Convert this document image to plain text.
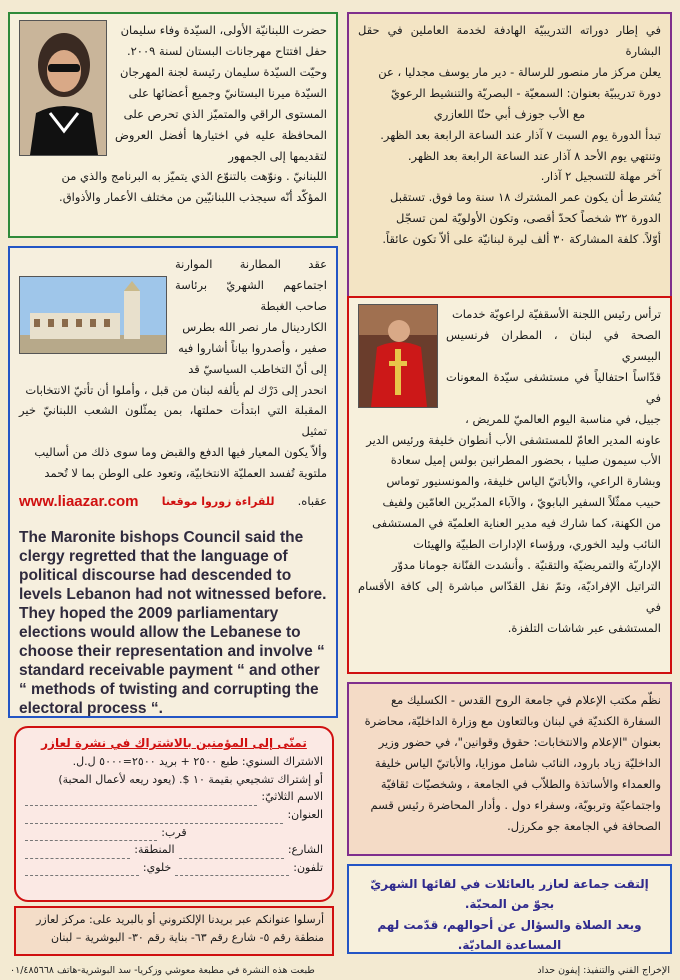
في إطار دوراته التدريبيّة الهادفة لخدمة العاملين في حقل البشارة

يعلن مركز مار منصور للرسالة - دير مار يوسف مجدليا ، عن

دورة تدريبيّة بعنوان: السمعيّة - البصريّة والتنشيط الرعويّ

مع الأب جوزف أبي حنّا اللعازري

تبدأ الدورة يوم السبت ٧ آذار عند الساعة الرابعة بعد الظهر.

وتنتهي يوم الأحد ٨ آذار عند الساعة الرابعة بعد الظهر.

آخر مهلة للتسجيل ٢ آذار.

يُشترط أن يكون عمر المشترك ١٨ سنة وما فوق. تستقبل

الدورة ٣٢ شخصاً كحدّ أقصى، وتكون الأولويّة لمن تسجّل

أوّلاً. كلفة المشاركة ٣٠ ألف ليرة لبنانيّة على ألاّ تكون عائقاً.

حضرت اللبنانيّة الأولى، السيّدة وفاء سليمان

حفل افتتاح مهرجانات البستان لسنة ٢٠٠٩.

وحيّت السيّدة سليمان رئيسة لجنة المهرجان

السيّدة ميرنا البستانيّ وجميع أعضائها على

المستوى الراقي والمتميّز الذي تحرص على

المحافظة عليه في اختيارها أفضل العروض لتقديمها إلى الجمهور

اللبنانيّ . ونوّهت بالتنوّع الذي يتميّز به البرنامج والذي من

المؤكّد أنّه سيجذب اللبنانيّين من مختلف الأعمار والأذواق.

عقد المطارنة الموارنة اجتماعهم الشهريّ برئاسة صاحب الغبطة

الكاردينال مار نصر الله بطرس

صفير ، وأصدروا بياناً أشاروا فيه

إلى أنّ التخاطب السياسيّ قد

انحدر إلى دَرْك لم يألفه لبنان من قبل ، وأملوا أن تأتيّ الانتخابات

المقبلة التي ابتدأت حملتها، بمن يمثّلون الشعب اللبنانيّ خير تمثيل

وألاّ يكون المعيار فيها الدفع والقبض وما سوى ذلك من أساليب

ملتوية تُفسد العمليّة الانتخابيّة، وتعود على الوطن بما لا تُحمد

عقباه.
للقراءة زوروا موقعنا
www.liaazar.com
The Maronite bishops Council said the clergy regretted that the language of political discourse had descended to levels Lebanon had not witnessed before. They hoped the 2009 parliamentary elections would allow the Lebanese to choose their representation and involve “ standard receivable payment “ and other “ methods of twisting and corrupting the electoral process “.

ترأس رئيس اللجنة الأسقفيّة لراعويّة خدمات

الصحة في لبنان ، المطران فرنسيس البيسري

قدّاساً احتفالياً في مستشفى سيّدة المعونات في

جبيل، في مناسبة اليوم العالميّ للمريض ،

عاونه المدير العامّ للمستشفى الأب أنطوان خليفة ورئيس الدير

الأب سيمون صليبا ، بحضور المطرانين بولس إميل سعادة

وبشارة الراعي، والأباتيّ الياس خليفة، والمونسنيور توماس

حبيب ممثّلاً السفير البابويّ ، والآباء المدبّرين العامّين ولفيف

من الكهنة، كما شارك فيه مدير العناية العلميّة في المستشفى

النائب وليد الخوري، ورؤساء الإدارات الطبيّة والهيئات

الإداريّة والتمريضيّة والتقنيّة . وأنشدت الفنّانة جومانا مدوّر

التراتيل الإفراديّة، وتمّ نقل القدّاس مباشرة إلى كافة الأقسام في

المستشفى عبر شاشات التلفزة.

نظّم مكتب الإعلام في جامعة الروح القدس - الكسليك مع

السفارة الكنديّة في لبنان وبالتعاون مع وزارة الداخليّة، محاضرة

بعنوان "الإعلام والانتخابات: حقوق وقوانين"، في حضور وزير

الداخليّة زياد بارود، النائب شامل موزايا، والأباتيّ الياس خليفة

والعمداء والأساتذة والطلاّب في الجامعة ، وشخصيّات ثقافيّة

واجتماعيّة وتربويّة، وسفراء دول . وأدار المحاضرة رئيس قسم

الصحافة في الجامعة جو مكرزل.

تمنّى إلى المؤمنين بالاشتراك في نشرة لعازر

الاشتراك السنوي: طبع ٢٥٠٠ + بريد ٢٥٠٠=٥٠٠٠ ل.ل.

أو إشتراك تشجيعي بقيمة ١٠ $. (يعود ريعه لأعمال المحبة)

الاسم الثلاثيّ:
العنوان:
قرب:
الشارع:
المنطقة:
تلفون:
خلوي:

أرسلوا عنوانكم عبر بريدنا الإلكتروني أو بالبريد على: مركز لعازر

منطقة رقم ٥- شارع رقم ٦٣- بناية رقم ٣٠- البوشرية – لبنان

إلتقت جماعة لعازر بالعائلات في لقائها الشهريّ بجوّ من المحبّة.

وبعد الصلاة والسؤال عن أحوالهم، قدّمت لهم المساعدة الماديّة.

طبعت هذه النشرة في مطبعة معوشي وزكريا- سد البوشرية-هاتف ٠١/٤٨٥٦٦٨	الإخراج الفني والتنفيذ: إيفون حداد
